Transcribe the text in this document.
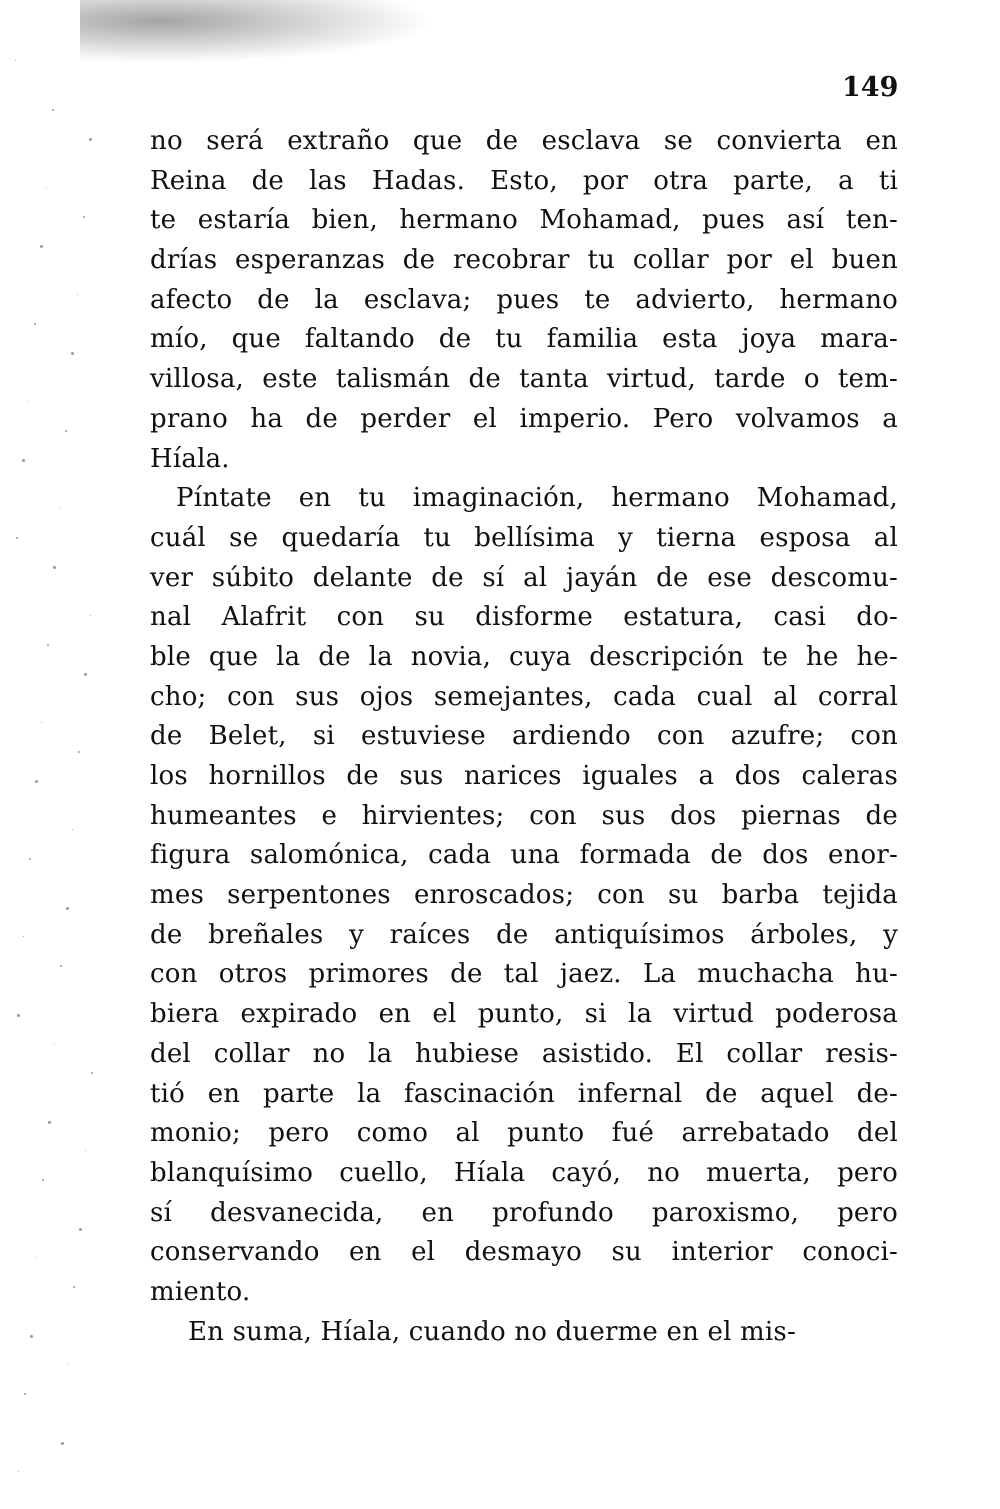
149
no será extraño que de esclava se convierta en
Reina de las Hadas. Esto, por otra parte, a ti
te estaría bien, hermano Mohamad, pues así ten-
drías esperanzas de recobrar tu collar por el buen
afecto de la esclava; pues te advierto, hermano
mío, que faltando de tu familia esta joya mara-
villosa, este talismán de tanta virtud, tarde o tem-
prano ha de perder el imperio. Pero volvamos a
Híala.
Píntate en tu imaginación, hermano Mohamad,
cuál se quedaría tu bellísima y tierna esposa al
ver súbito delante de sí al jayán de ese descomu-
nal Alafrit con su disforme estatura, casi do-
ble que la de la novia, cuya descripción te he he-
cho; con sus ojos semejantes, cada cual al corral
de Belet, si estuviese ardiendo con azufre; con
los hornillos de sus narices iguales a dos caleras
humeantes e hirvientes; con sus dos piernas de
figura salomónica, cada una formada de dos enor-
mes serpentones enroscados; con su barba tejida
de breñales y raíces de antiquísimos árboles, y
con otros primores de tal jaez. La muchacha hu-
biera expirado en el punto, si la virtud poderosa
del collar no la hubiese asistido. El collar resis-
tió en parte la fascinación infernal de aquel de-
monio; pero como al punto fué arrebatado del
blanquísimo cuello, Híala cayó, no muerta, pero
sí desvanecida, en profundo paroxismo, pero
conservando en el desmayo su interior conoci-
miento.
En suma, Híala, cuando no duerme en el mis-
